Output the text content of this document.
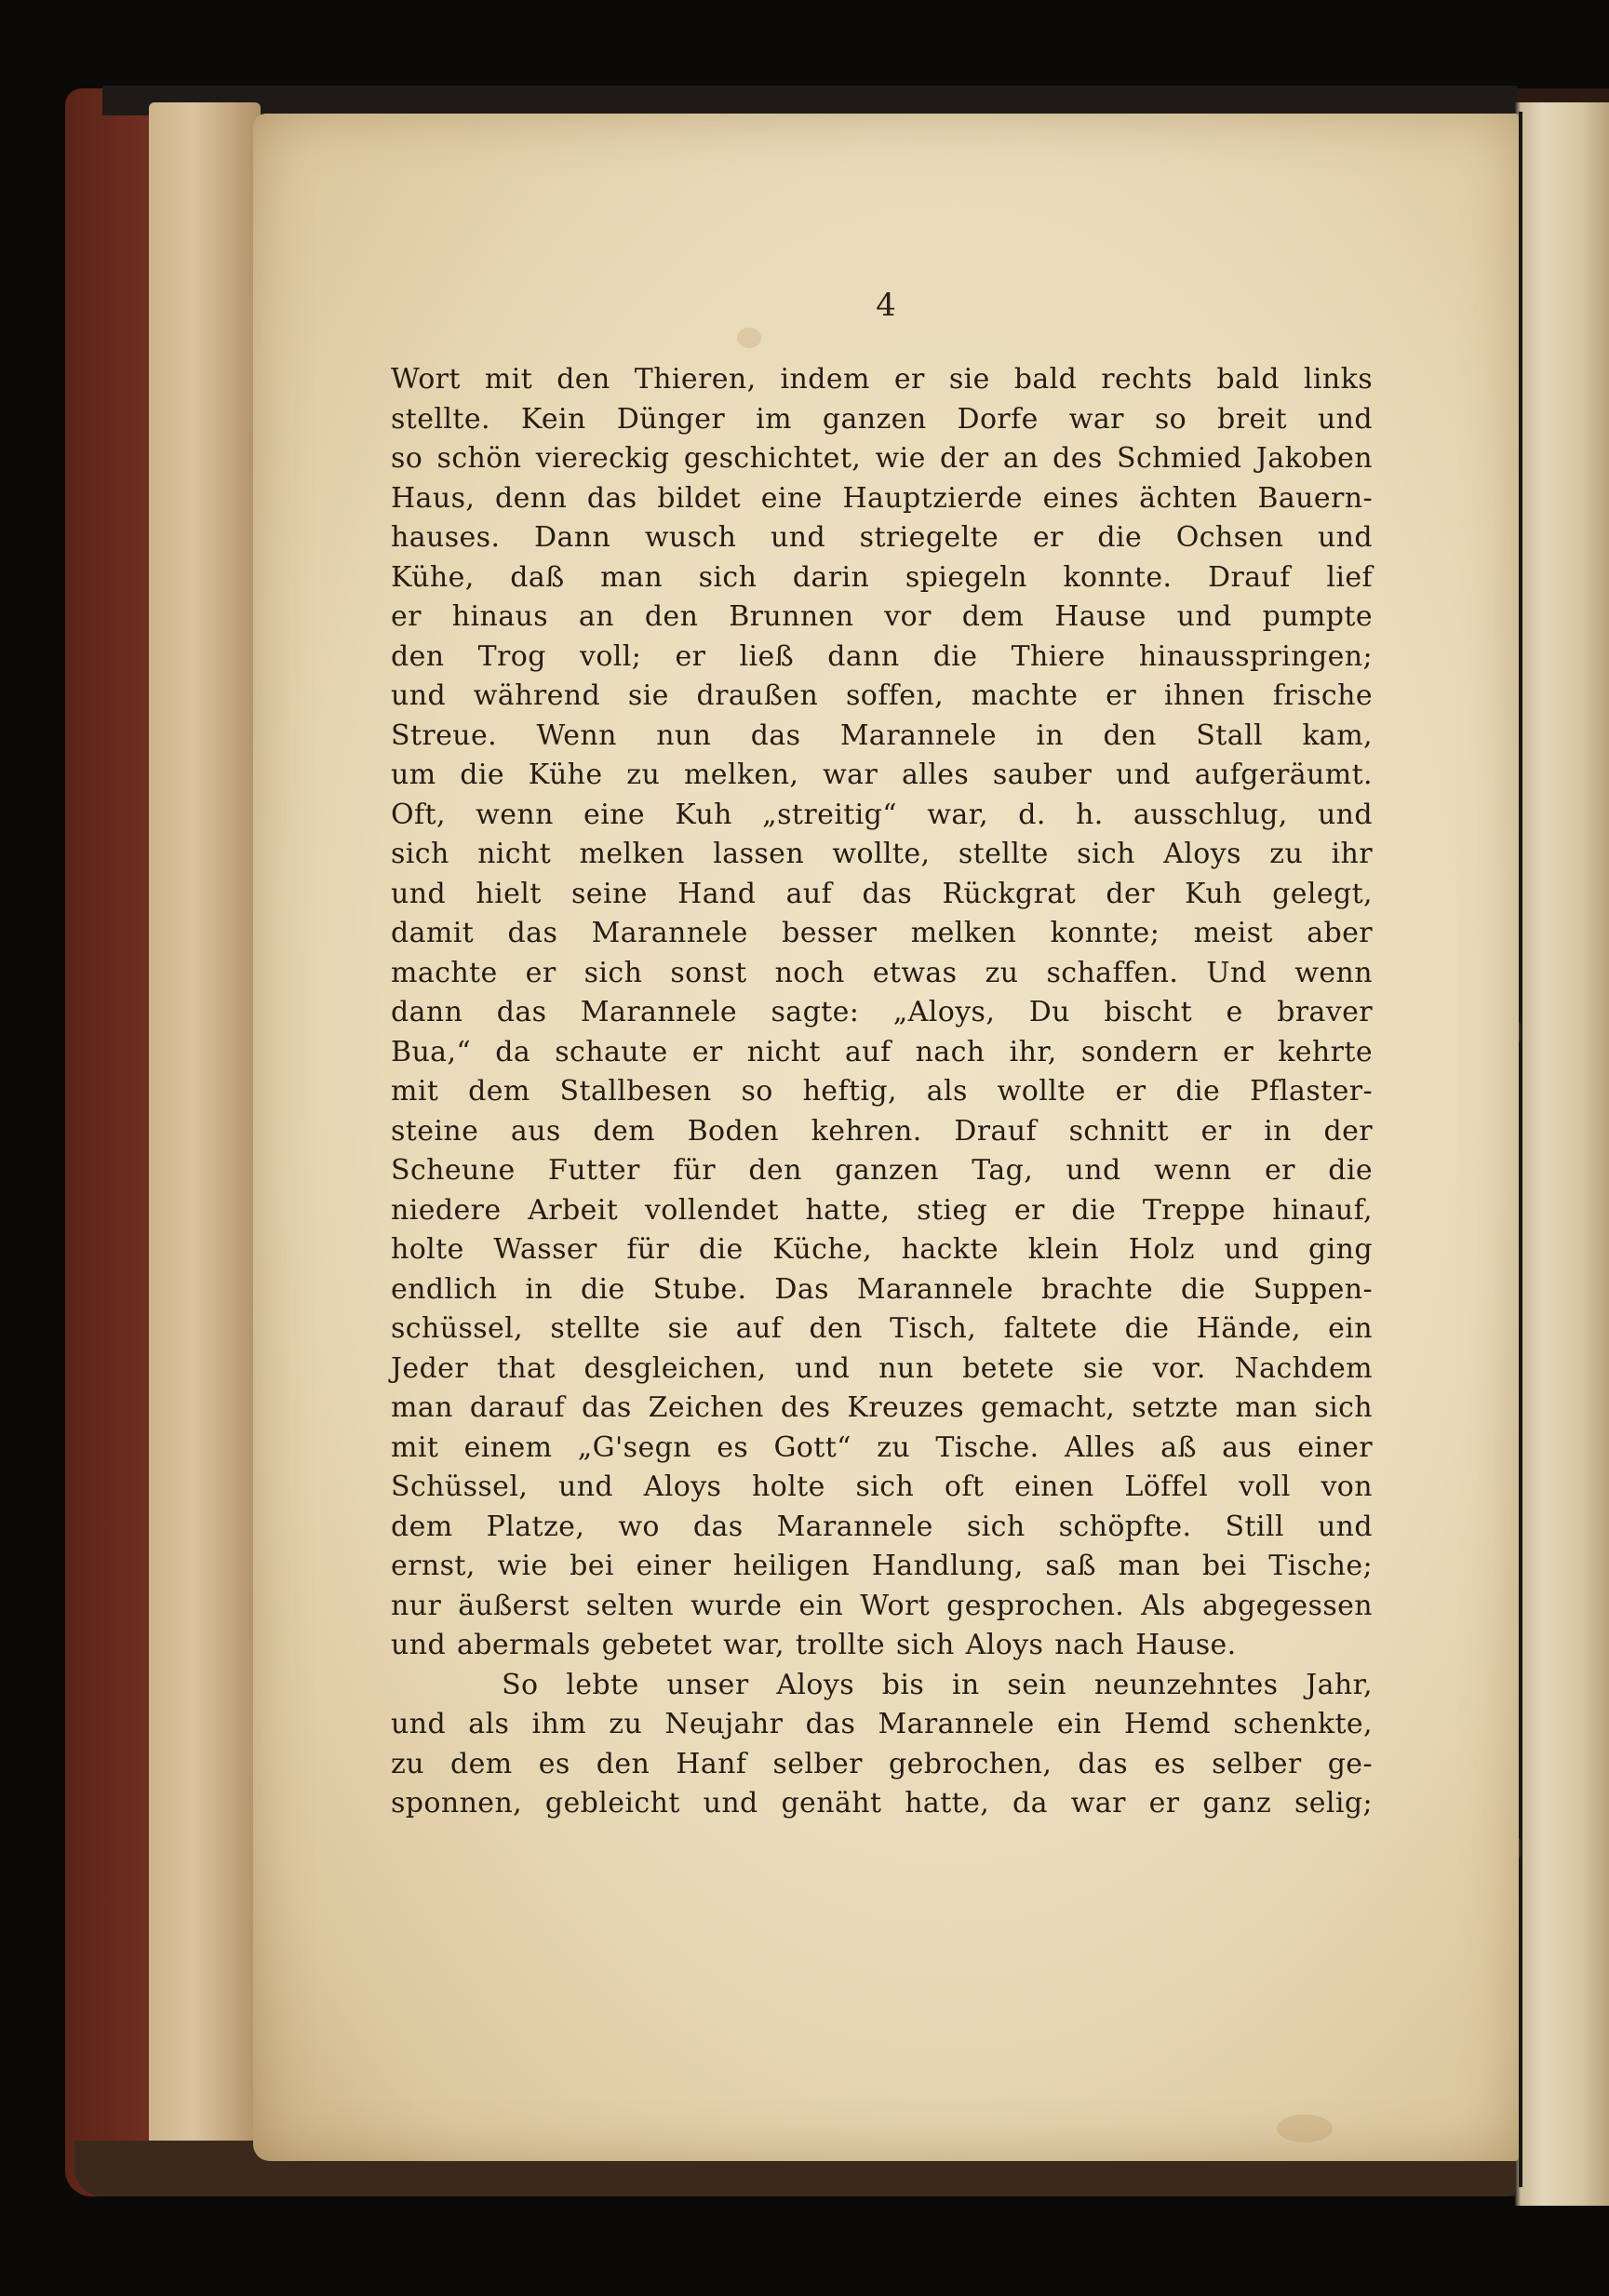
4
Wort mit den Thieren, indem er sie bald rechts bald links
stellte. Kein Dünger im ganzen Dorfe war so breit und
so schön viereckig geschichtet, wie der an des Schmied Jakoben
Haus, denn das bildet eine Hauptzierde eines ächten Bauern-
hauses. Dann wusch und striegelte er die Ochsen und
Kühe, daß man sich darin spiegeln konnte. Drauf lief
er hinaus an den Brunnen vor dem Hause und pumpte
den Trog voll; er ließ dann die Thiere hinausspringen;
und während sie draußen soffen, machte er ihnen frische
Streue. Wenn nun das Marannele in den Stall kam,
um die Kühe zu melken, war alles sauber und aufgeräumt.
Oft, wenn eine Kuh „streitig“ war, d. h. ausschlug, und
sich nicht melken lassen wollte, stellte sich Aloys zu ihr
und hielt seine Hand auf das Rückgrat der Kuh gelegt,
damit das Marannele besser melken konnte; meist aber
machte er sich sonst noch etwas zu schaffen. Und wenn
dann das Marannele sagte: „Aloys, Du bischt e braver
Bua,“ da schaute er nicht auf nach ihr, sondern er kehrte
mit dem Stallbesen so heftig, als wollte er die Pflaster-
steine aus dem Boden kehren. Drauf schnitt er in der
Scheune Futter für den ganzen Tag, und wenn er die
niedere Arbeit vollendet hatte, stieg er die Treppe hinauf,
holte Wasser für die Küche, hackte klein Holz und ging
endlich in die Stube. Das Marannele brachte die Suppen-
schüssel, stellte sie auf den Tisch, faltete die Hände, ein
Jeder that desgleichen, und nun betete sie vor. Nachdem
man darauf das Zeichen des Kreuzes gemacht, setzte man sich
mit einem „G'segn es Gott“ zu Tische. Alles aß aus einer
Schüssel, und Aloys holte sich oft einen Löffel voll von
dem Platze, wo das Marannele sich schöpfte. Still und
ernst, wie bei einer heiligen Handlung, saß man bei Tische;
nur äußerst selten wurde ein Wort gesprochen. Als abgegessen
und abermals gebetet war, trollte sich Aloys nach Hause.
So lebte unser Aloys bis in sein neunzehntes Jahr,
und als ihm zu Neujahr das Marannele ein Hemd schenkte,
zu dem es den Hanf selber gebrochen, das es selber ge-
sponnen, gebleicht und genäht hatte, da war er ganz selig;
